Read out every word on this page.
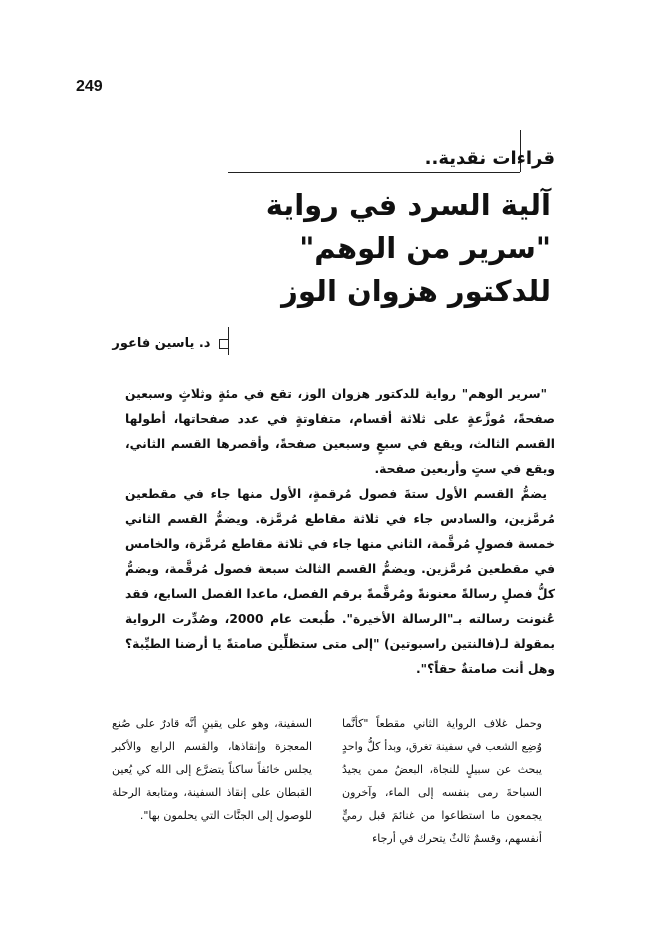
249
قراءات نقدية..
آلية السرد في رواية
"سرير من الوهم"
للدكتور هزوان الوز
د. ياسين فاعور

"سرير الوهم" رواية للدكتور هزوان الوز، تقع في مئةٍ وثلاثٍ وسبعين صفحةً، مُوزَّعةٍ على ثلاثة أقسام، متفاوتةٍ في عدد صفحاتها، أطولها القسم الثالث، ويقع في سبعٍ وسبعين صفحةً، وأقصرها القسم الثاني، ويقع في ستٍ وأربعين صفحة.

يضمُّ القسم الأول ستةَ فصول مُرقمةٍ، الأول منها جاء في مقطعين مُرمَّزين، والسادس جاء في ثلاثة مقاطع مُرمَّزة. ويضمُّ القسم الثاني خمسة فصولٍ مُرقَّمة، الثاني منها جاء في ثلاثة مقاطع مُرمَّزة، والخامس في مقطعين مُرمَّزين. ويضمُّ القسم الثالث سبعة فصول مُرقَّمة، ويضمُّ كلُّ فصلٍ رسالةً معنونةً ومُرقَّمةً برقم الفصل، ماعدا الفصل السابع، فقد عُنونت رسالته بـ"الرسالة الأخيرة". طُبعت عام 2000، وصُدِّرت الرواية بمقولة لـ(فالنتين راسبوتين) "إلى متى ستظلِّين صامتةً يا أرضنا الطيِّبة؟ وهل أنت صامتةٌ حقاً؟".

وحمل غلاف الرواية الثاني مقطعاً "كأنَّما وُضِع الشعب في سفينة تغرق، وبدأ كلُّ واحدٍ يبحث عن سبيلٍ للنجاة، البعضُ ممن يجيدُ السباحةَ رمى بنفسه إلى الماء، وآخرون يجمعون ما استطاعوا من غنائمَ قبل رميٍّ أنفسهم، وقسمٌ ثالثٌ يتحرك في أرجاء
السفينة، وهو على يقينٍ أنَّه قادرٌ على صُنع المعجزة وإنقاذها، والقسم الرابع والأكبر يجلس خائفاً ساكناً يتضرَّع إلى الله كي يُعين القبطان على إنقاذ السفينة، ومتابعة الرحلة للوصول إلى الجنَّات التي يحلمون بها".
